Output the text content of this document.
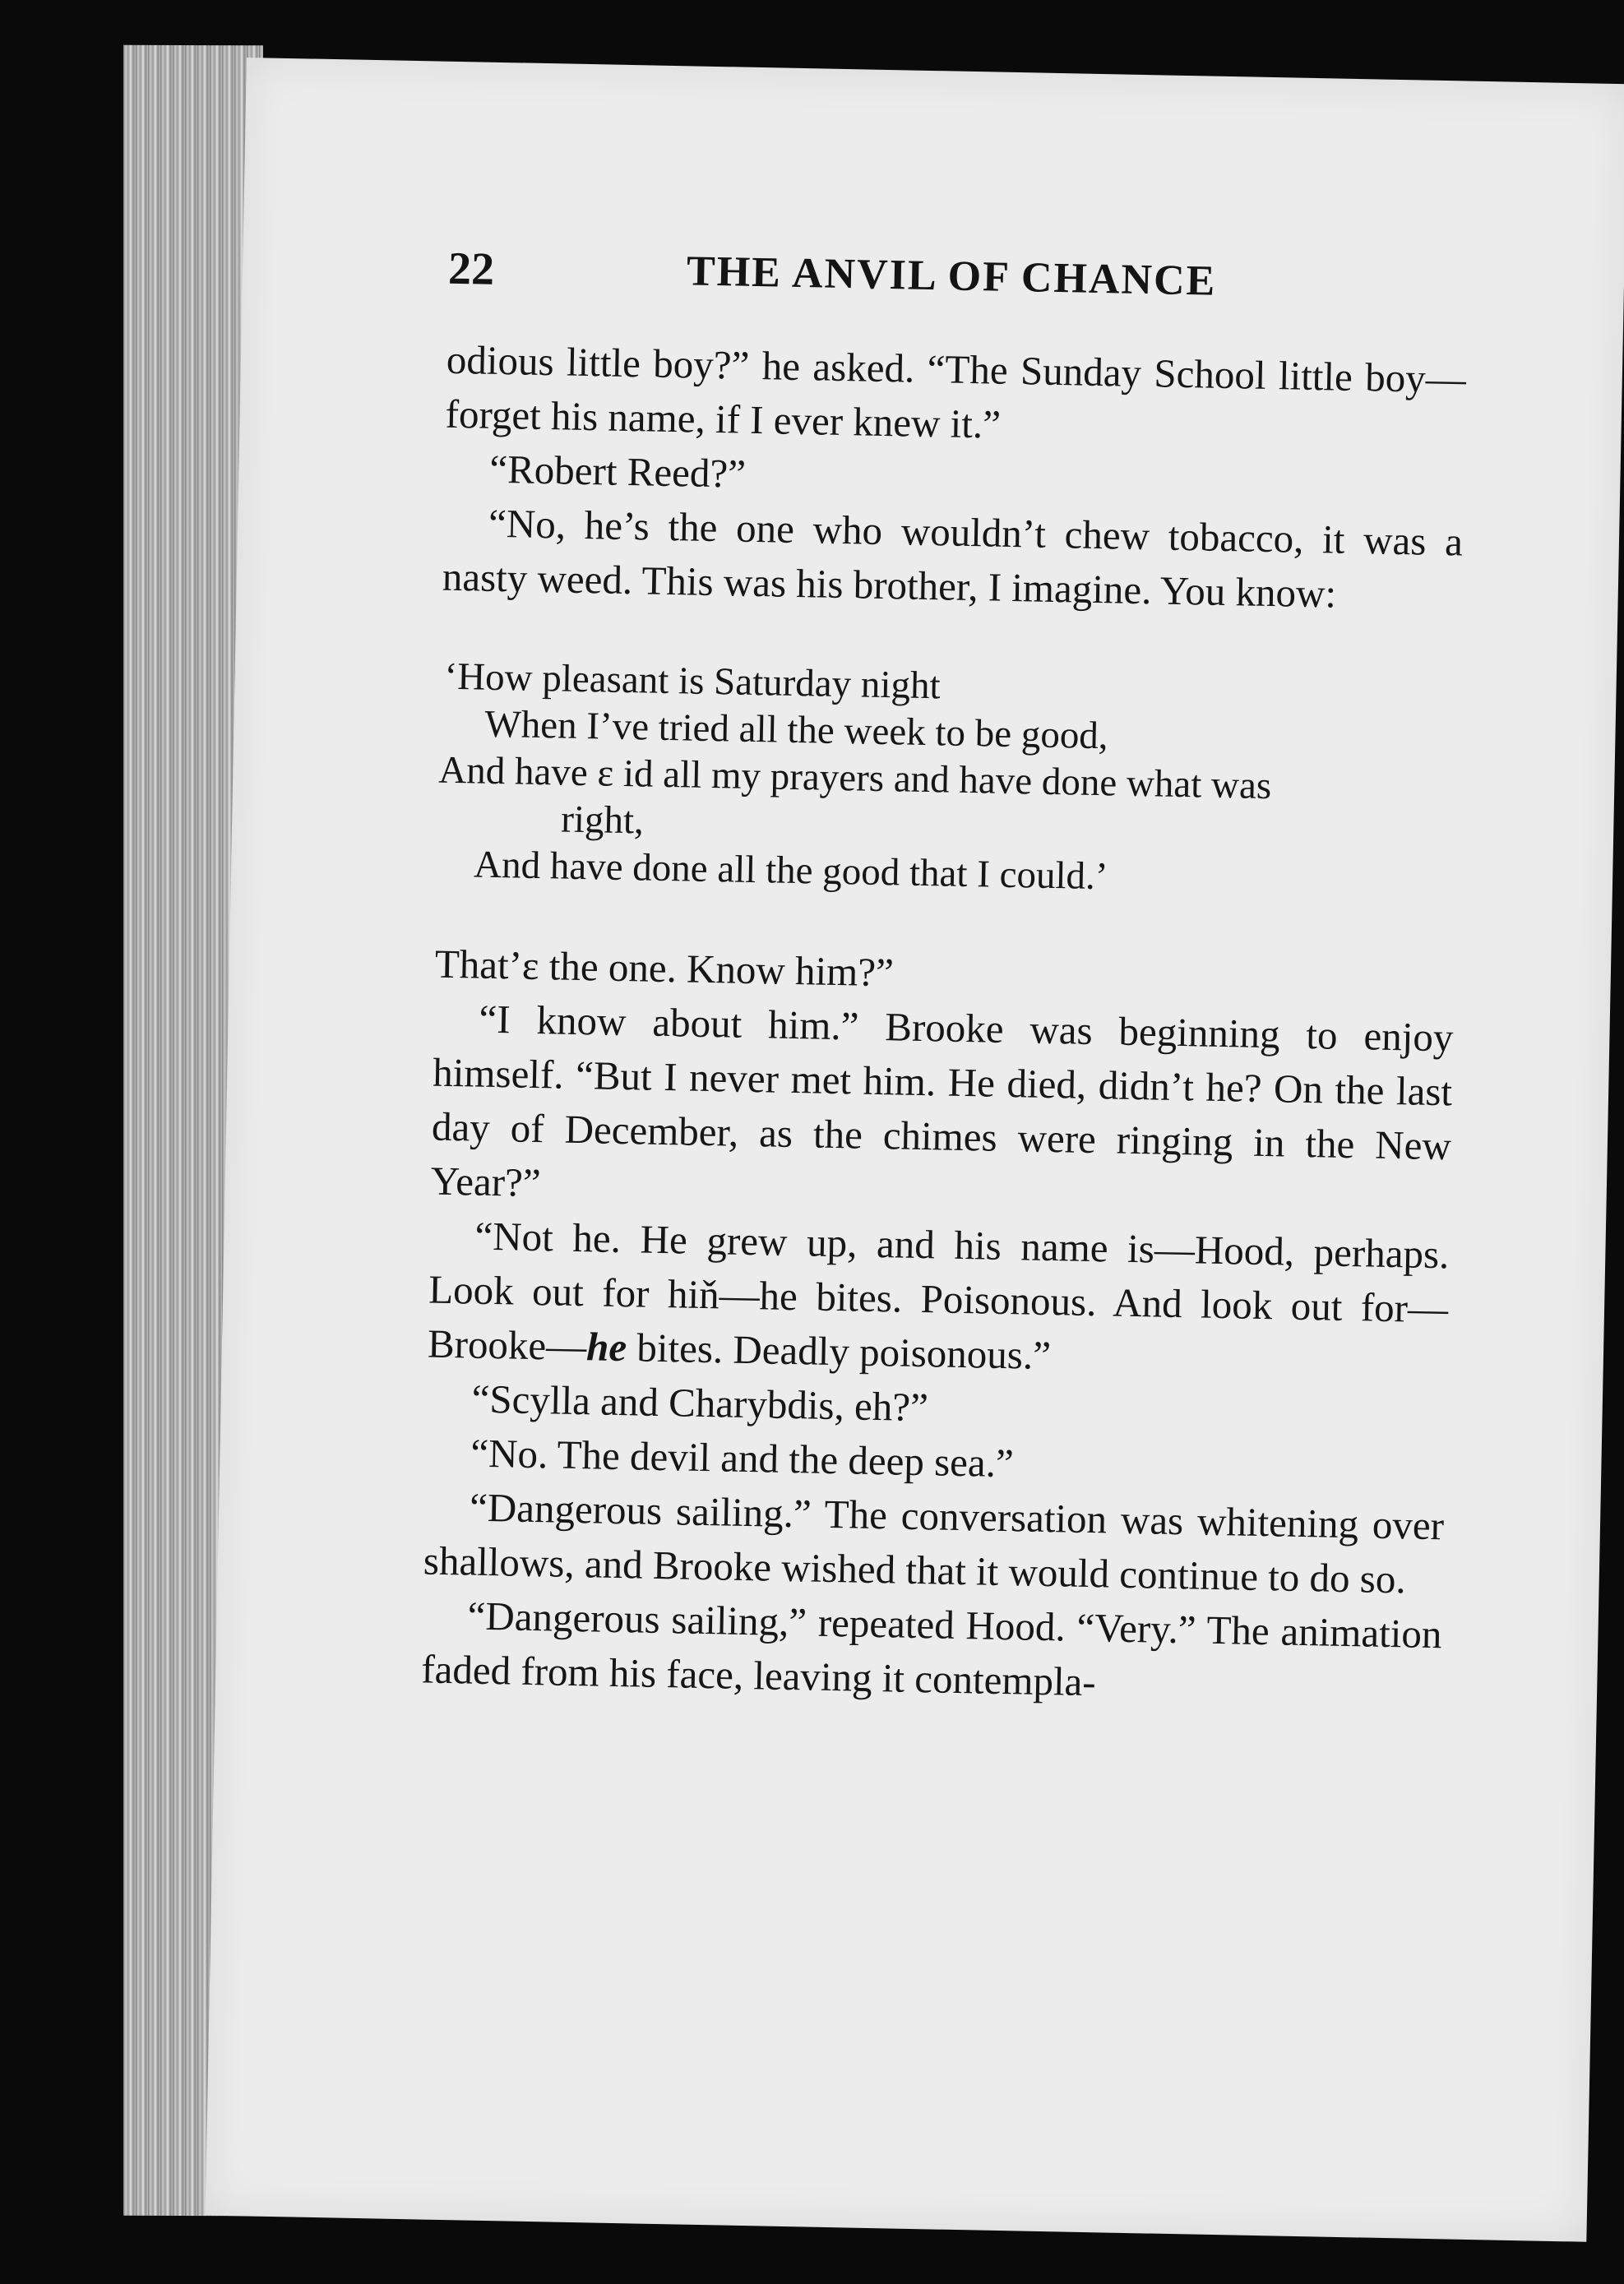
22	THE ANVIL OF CHANCE

odious little boy?” he asked. “The Sunday School little boy—forget his name, if I ever knew it.”

“Robert Reed?”

“No, he’s the one who wouldn’t chew tobacco, it was a nasty weed. This was his brother, I imagine. You know:

‘How pleasant is Saturday night
When I’ve tried all the week to be good,
And have ɛ id all my prayers and have done what was
right,
And have done all the good that I could.’

That’ɛ the one. Know him?”

“I know about him.” Brooke was beginning to enjoy himself. “But I never met him. He died, didn’t he? On the last day of December, as the chimes were ringing in the New Year?”

“Not he. He grew up, and his name is—Hood, perhaps. Look out for hiň—he bites. Poisonous. And look out for—Brooke—he bites. Deadly poisonous.”

“Scylla and Charybdis, eh?”

“No. The devil and the deep sea.”

“Dangerous sailing.” The conversation was whitening over shallows, and Brooke wished that it would continue to do so.

“Dangerous sailing,” repeated Hood. “Very.” The animation faded from his face, leaving it contempla-
